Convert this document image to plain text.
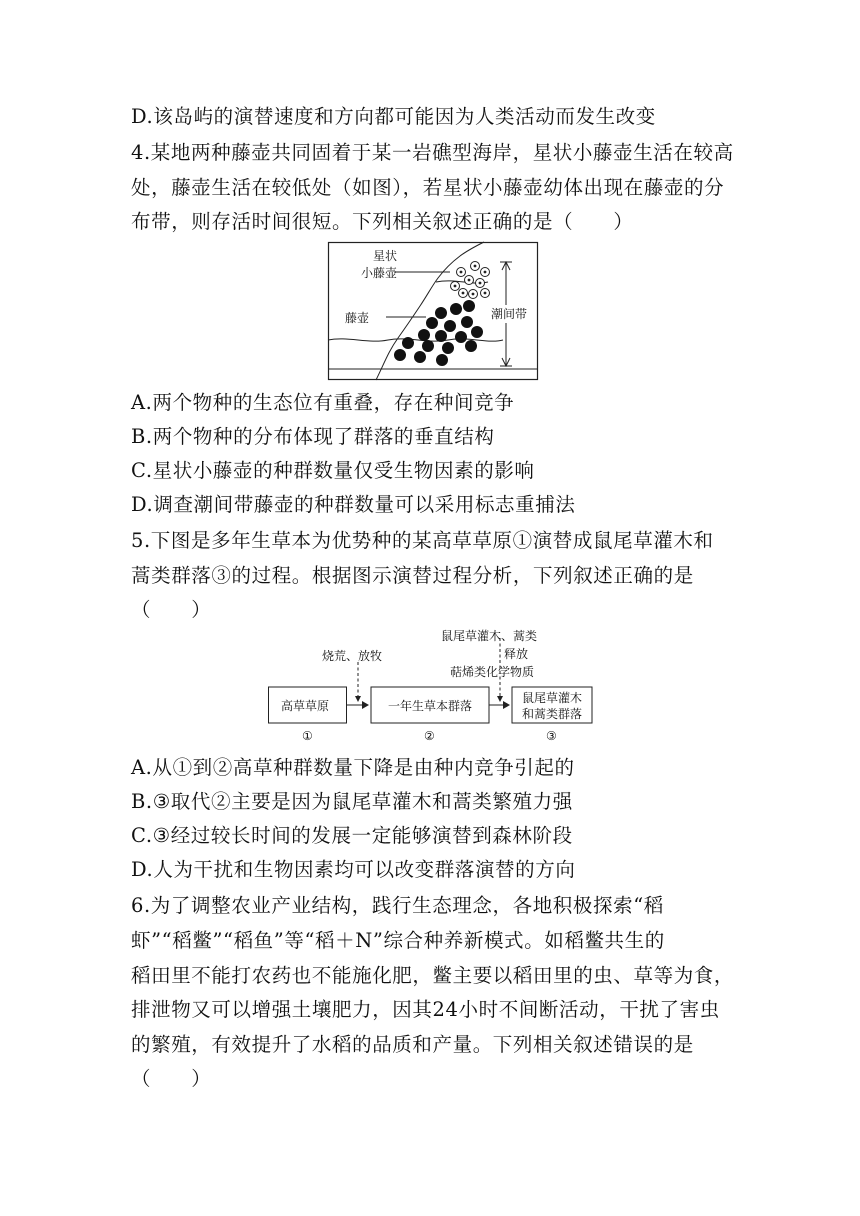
D.该岛屿的演替速度和方向都可能因为人类活动而发生改变
4.某地两种藤壶共同固着于某一岩礁型海岸，星状小藤壶生活在较高
处，藤壶生活在较低处（如图），若星状小藤壶幼体出现在藤壶的分
布带，则存活时间很短。下列相关叙述正确的是（　　）
星状
小藤壶
藤壶	潮间带
A.两个物种的生态位有重叠，存在种间竞争
B.两个物种的分布体现了群落的垂直结构
C.星状小藤壶的种群数量仅受生物因素的影响
D.调查潮间带藤壶的种群数量可以采用标志重捕法
5.下图是多年生草本为优势种的某高草草原①演替成鼠尾草灌木和
蒿类群落③的过程。根据图示演替过程分析，下列叙述正确的是
（　　）
烧荒、放牧
鼠尾草灌木、蒿类
释放
萜烯类化学物质
高草草原	一年生草本群落
鼠尾草灌木
和蒿类群落
①	②	③
A.从①到②高草种群数量下降是由种内竞争引起的
B.③取代②主要是因为鼠尾草灌木和蒿类繁殖力强
C.③经过较长时间的发展一定能够演替到森林阶段
D.人为干扰和生物因素均可以改变群落演替的方向
6.为了调整农业产业结构，践行生态理念，各地积极探索“稻
虾”“稻鳖”“稻鱼”等“稻＋N”综合种养新模式。如稻鳖共生的
稻田里不能打农药也不能施化肥，鳖主要以稻田里的虫、草等为食，
排泄物又可以增强土壤肥力，因其24小时不间断活动，干扰了害虫
的繁殖，有效提升了水稻的品质和产量。下列相关叙述错误的是
（　　）
